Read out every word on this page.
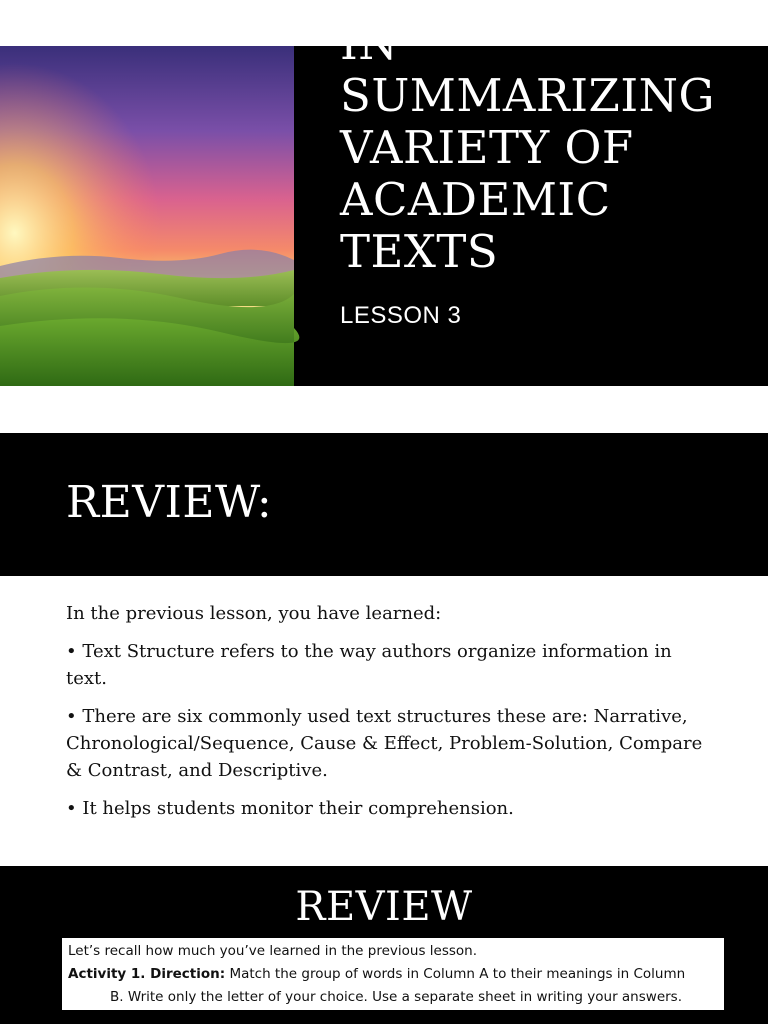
IN
SUMMARIZING
VARIETY OF
ACADEMIC
TEXTS
LESSON 3
REVIEW:

In the previous lesson, you have learned:

• Text Structure refers to the way authors organize information in text.

• There are six commonly used text structures these are: Narrative, Chronological/Sequence, Cause & Effect, Problem-Solution, Compare & Contrast, and Descriptive.

• It helps students monitor their comprehension.

REVIEW
Let’s recall how much you’ve learned in the previous lesson.
Activity 1. Direction: Match the group of words in Column A to their meanings in Column
B. Write only the letter of your choice. Use a separate sheet in writing your answers.
